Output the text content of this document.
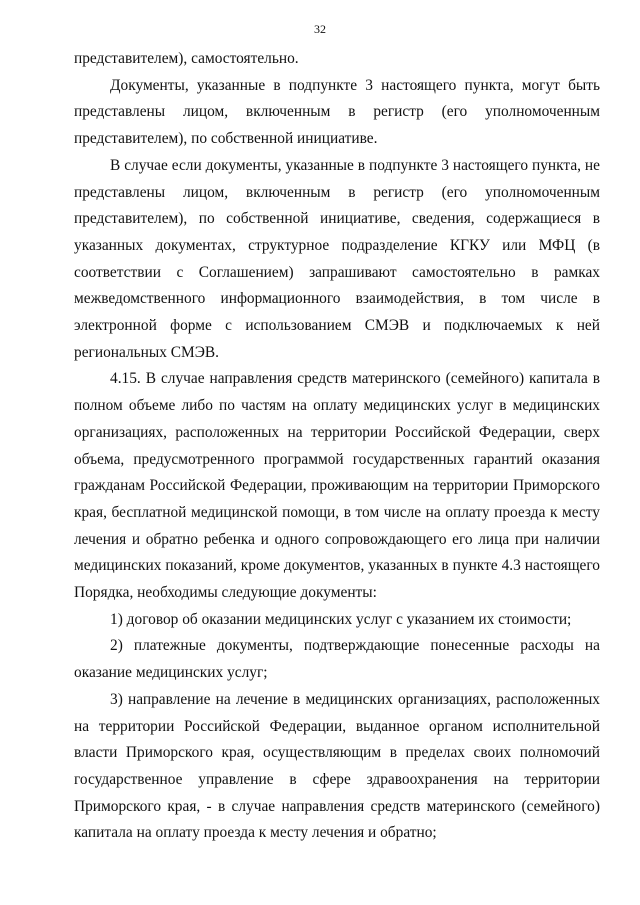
32

представителем), самостоятельно.

Документы, указанные в подпункте 3 настоящего пункта, могут быть представлены лицом, включенным в регистр (его уполномоченным представителем), по собственной инициативе.

В случае если документы, указанные в подпункте 3 настоящего пункта, не представлены лицом, включенным в регистр (его уполномоченным представителем), по собственной инициативе, сведения, содержащиеся в указанных документах, структурное подразделение КГКУ или МФЦ (в соответствии с Соглашением) запрашивают самостоятельно в рамках межведомственного информационного взаимодействия, в том числе в электронной форме с использованием СМЭВ и подключаемых к ней региональных СМЭВ.

4.15. В случае направления средств материнского (семейного) капитала в полном объеме либо по частям на оплату медицинских услуг в медицинских организациях, расположенных на территории Российской Федерации, сверх объема, предусмотренного программой государственных гарантий оказания гражданам Российской Федерации, проживающим на территории Приморского края, бесплатной медицинской помощи, в том числе на оплату проезда к месту лечения и обратно ребенка и одного сопровождающего его лица при наличии медицинских показаний, кроме документов, указанных в пункте 4.3 настоящего Порядка, необходимы следующие документы:

1) договор об оказании медицинских услуг с указанием их стоимости;

2) платежные документы, подтверждающие понесенные расходы на оказание медицинских услуг;

3) направление на лечение в медицинских организациях, расположенных на территории Российской Федерации, выданное органом исполнительной власти Приморского края, осуществляющим в пределах своих полномочий государственное управление в сфере здравоохранения на территории Приморского края, - в случае направления средств материнского (семейного) капитала на оплату проезда к месту лечения и обратно;
